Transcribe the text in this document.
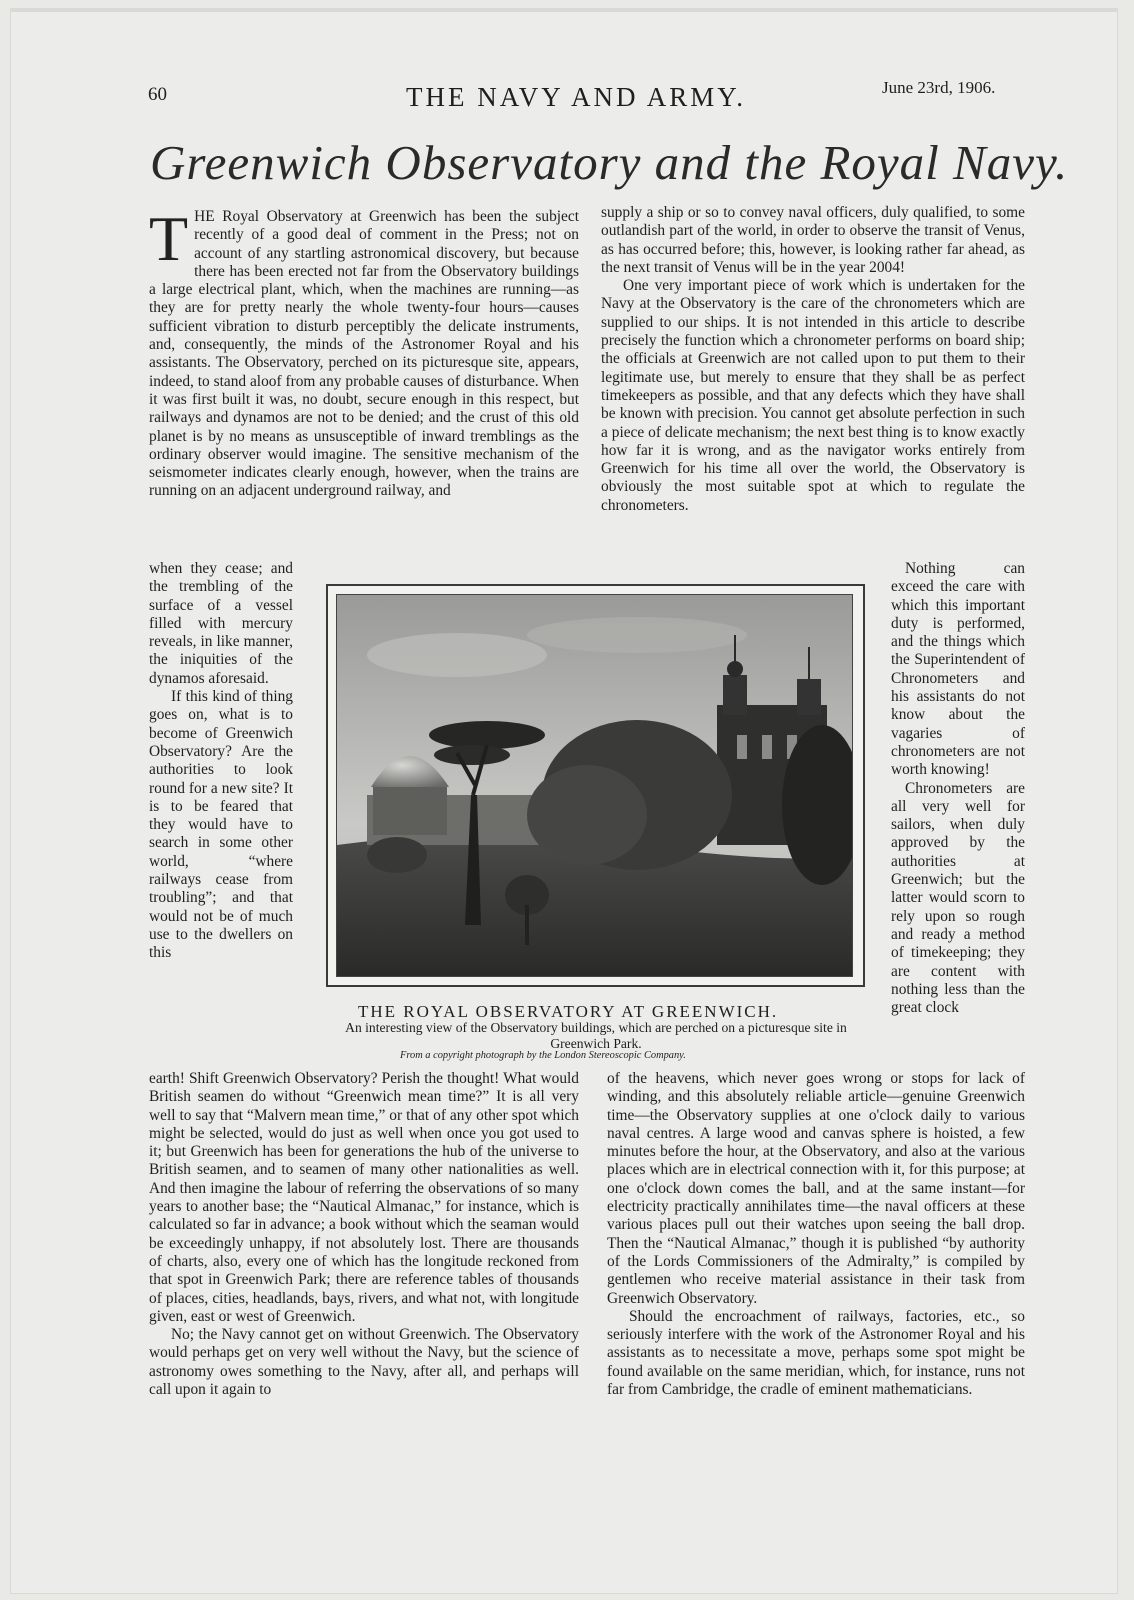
60	THE NAVY AND ARMY.	June 23rd, 1906.
Greenwich Observatory and the Royal Navy.

THE Royal Observatory at Greenwich has been the subject recently of a good deal of comment in the Press; not on account of any startling astronomical discovery, but because there has been erected not far from the Observatory buildings a large electrical plant, which, when the machines are running—as they are for pretty nearly the whole twenty-four hours—causes sufficient vibration to disturb perceptibly the delicate instruments, and, consequently, the minds of the Astronomer Royal and his assistants. The Observatory, perched on its picturesque site, appears, indeed, to stand aloof from any probable causes of disturbance. When it was first built it was, no doubt, secure enough in this respect, but railways and dynamos are not to be denied; and the crust of this old planet is by no means as unsusceptible of inward tremblings as the ordinary observer would imagine. The sensitive mechanism of the seismometer indicates clearly enough, however, when the trains are running on an adjacent underground railway, and

when they cease; and the trembling of the surface of a vessel filled with mercury reveals, in like manner, the iniquities of the dynamos aforesaid.

If this kind of thing goes on, what is to become of Greenwich Observatory? Are the authorities to look round for a new site? It is to be feared that they would have to search in some other world, “where railways cease from troubling”; and that would not be of much use to the dwellers on this

earth! Shift Greenwich Observatory? Perish the thought! What would British seamen do without “Greenwich mean time?” It is all very well to say that “Malvern mean time,” or that of any other spot which might be selected, would do just as well when once you got used to it; but Greenwich has been for generations the hub of the universe to British seamen, and to seamen of many other nationalities as well. And then imagine the labour of referring the observations of so many years to another base; the “Nautical Almanac,” for instance, which is calculated so far in advance; a book without which the seaman would be exceedingly unhappy, if not absolutely lost. There are thousands of charts, also, every one of which has the longitude reckoned from that spot in Greenwich Park; there are reference tables of thousands of places, cities, headlands, bays, rivers, and what not, with longitude given, east or west of Greenwich.

No; the Navy cannot get on without Greenwich. The Observatory would perhaps get on very well without the Navy, but the science of astronomy owes something to the Navy, after all, and perhaps will call upon it again to

supply a ship or so to convey naval officers, duly qualified, to some outlandish part of the world, in order to observe the transit of Venus, as has occurred before; this, however, is looking rather far ahead, as the next transit of Venus will be in the year 2004!

One very important piece of work which is undertaken for the Navy at the Observatory is the care of the chronometers which are supplied to our ships. It is not intended in this article to describe precisely the function which a chronometer performs on board ship; the officials at Greenwich are not called upon to put them to their legitimate use, but merely to ensure that they shall be as perfect timekeepers as possible, and that any defects which they have shall be known with precision. You cannot get absolute perfection in such a piece of delicate mechanism; the next best thing is to know exactly how far it is wrong, and as the navigator works entirely from Greenwich for his time all over the world, the Observatory is obviously the most suitable spot at which to regulate the chronometers.

Nothing can exceed the care with which this important duty is performed, and the things which the Superintendent of Chronometers and his assistants do not know about the vagaries of chronometers are not worth knowing!

Chronometers are all very well for sailors, when duly approved by the authorities at Greenwich; but the latter would scorn to rely upon so rough and ready a method of timekeeping; they are content with nothing less than the great clock

of the heavens, which never goes wrong or stops for lack of winding, and this absolutely reliable article—genuine Greenwich time—the Observatory supplies at one o'clock daily to various naval centres. A large wood and canvas sphere is hoisted, a few minutes before the hour, at the Observatory, and also at the various places which are in electrical connection with it, for this purpose; at one o'clock down comes the ball, and at the same instant—for electricity practically annihilates time—the naval officers at these various places pull out their watches upon seeing the ball drop. Then the “Nautical Almanac,” though it is published “by authority of the Lords Commissioners of the Admiralty,” is compiled by gentlemen who receive material assistance in their task from Greenwich Observatory.

Should the encroachment of railways, factories, etc., so seriously interfere with the work of the Astronomer Royal and his assistants as to necessitate a move, perhaps some spot might be found available on the same meridian, which, for instance, runs not far from Cambridge, the cradle of eminent mathematicians.

THE ROYAL OBSERVATORY AT GREENWICH.
An interesting view of the Observatory buildings, which are perched on a picturesque site in Greenwich Park.
From a copyright photograph by the London Stereoscopic Company.
